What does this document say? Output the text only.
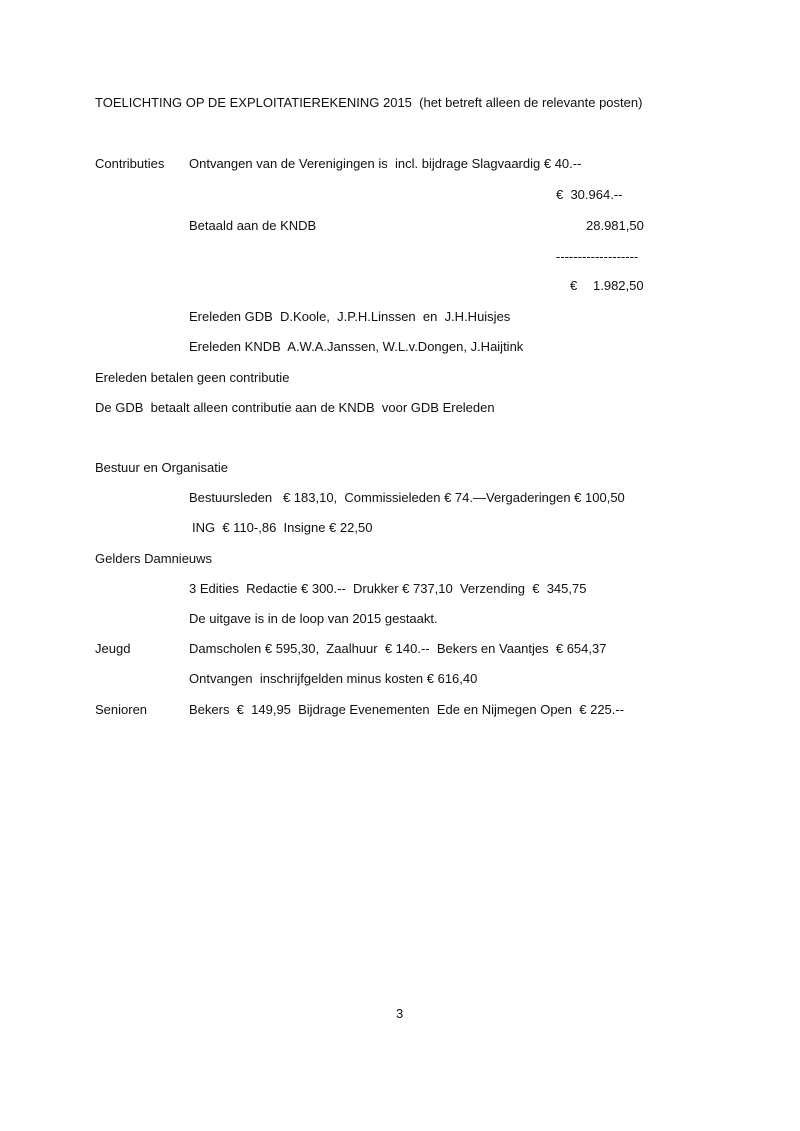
TOELICHTING OP DE EXPLOITATIEREKENING 2015  (het betreft alleen de relevante posten)
Contributies Ontvangen van de Verenigingen is  incl. bijdrage Slagvaardig € 40.--
€  30.964.--
Betaald aan de KNDB	28.981,50
-------------------
€ 1.982,50
Ereleden GDB  D.Koole,  J.P.H.Linssen  en  J.H.Huisjes
Ereleden KNDB  A.W.A.Janssen, W.L.v.Dongen, J.Haijtink
Ereleden betalen geen contributie
De GDB  betaalt alleen contributie aan de KNDB  voor GDB Ereleden
Bestuur en Organisatie
Bestuursleden   € 183,10,  Commissieleden € 74.—Vergaderingen € 100,50
ING  € 110-,86  Insigne € 22,50
Gelders Damnieuws
3 Edities  Redactie € 300.--  Drukker € 737,10  Verzending  €  345,75
De uitgave is in de loop van 2015 gestaakt.
Jeugd	Damscholen € 595,30,  Zaalhuur  € 140.--  Bekers en Vaantjes  € 654,37
Ontvangen  inschrijfgelden minus kosten € 616,40
Senioren	Bekers  €  149,95  Bijdrage Evenementen  Ede en Nijmegen Open  € 225.--
3
